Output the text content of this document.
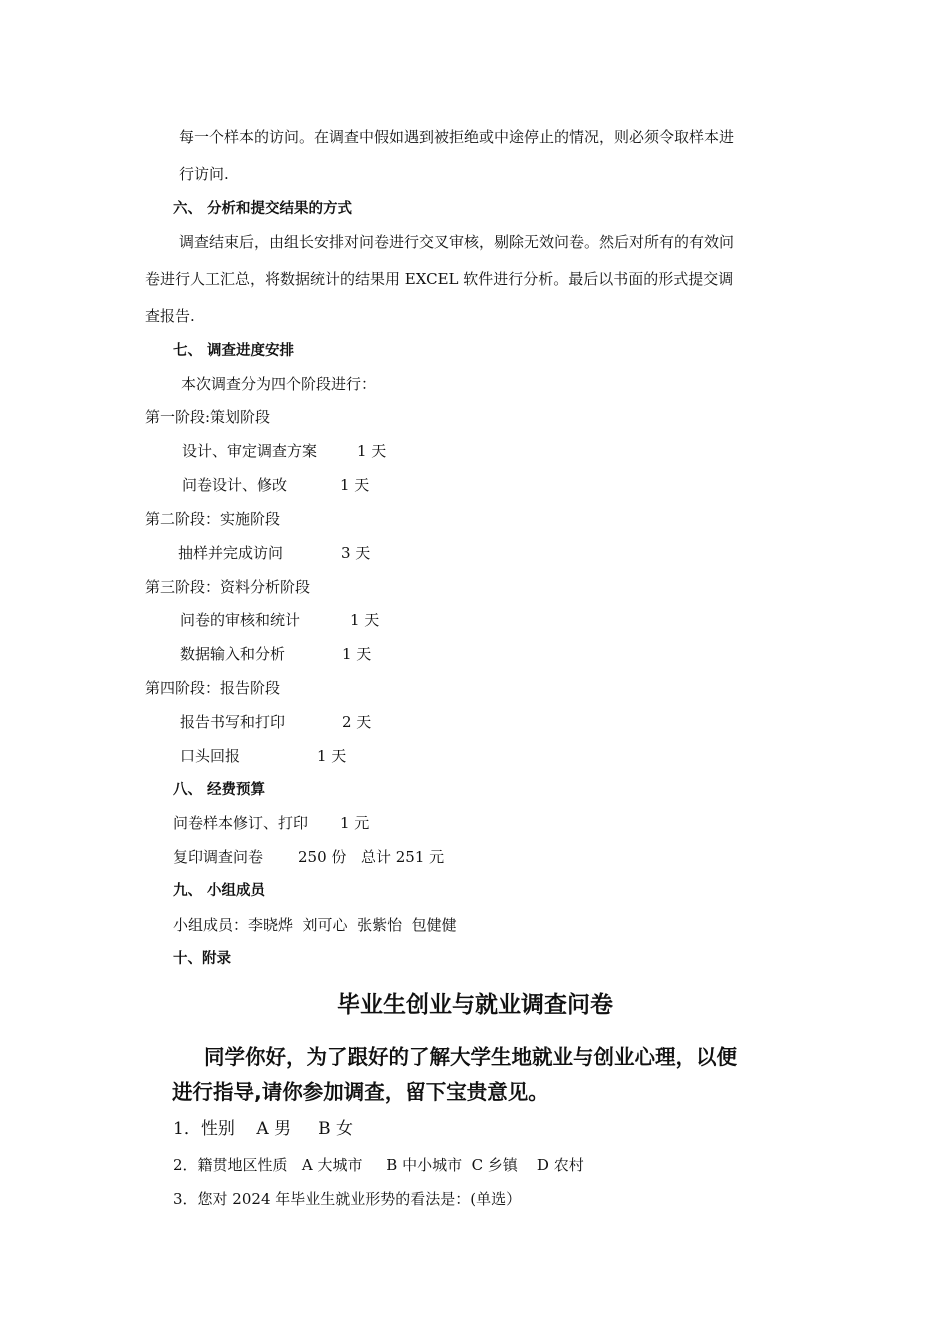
每一个样本的访问。在调查中假如遇到被拒绝或中途停止的情况，则必须令取样本进
行访问.
六、 分析和提交结果的方式
调查结束后，由组长安排对问卷进行交叉审核，剔除无效问卷。然后对所有的有效问
卷进行人工汇总，将数据统计的结果用 EXCEL 软件进行分析。最后以书面的形式提交调
查报告.
七、 调查进度安排
本次调查分为四个阶段进行：
第一阶段:策划阶段
设计、审定调查方案	1 天
问卷设计、修改	1 天
第二阶段：实施阶段
抽样并完成访问	3 天
第三阶段：资料分析阶段
问卷的审核和统计	1 天
数据输入和分析	1 天
第四阶段：报告阶段
报告书写和打印	2 天
口头回报	1 天
八、 经费预算
问卷样本修订、打印 1 元
复印调查问卷 250 份 总计 251 元
九、 小组成员
小组成员：李晓烨  刘可心  张紫怡  包健健
十、附录
毕业生创业与就业调查问卷
同学你好，为了跟好的了解大学生地就业与创业心理，以便
进行指导,请你参加调查，留下宝贵意见。
1．性别    A 男     B 女
2．籍贯地区性质   A 大城市     B 中小城市  C 乡镇    D 农村
3．您对 2024 年毕业生就业形势的看法是：(单选）
